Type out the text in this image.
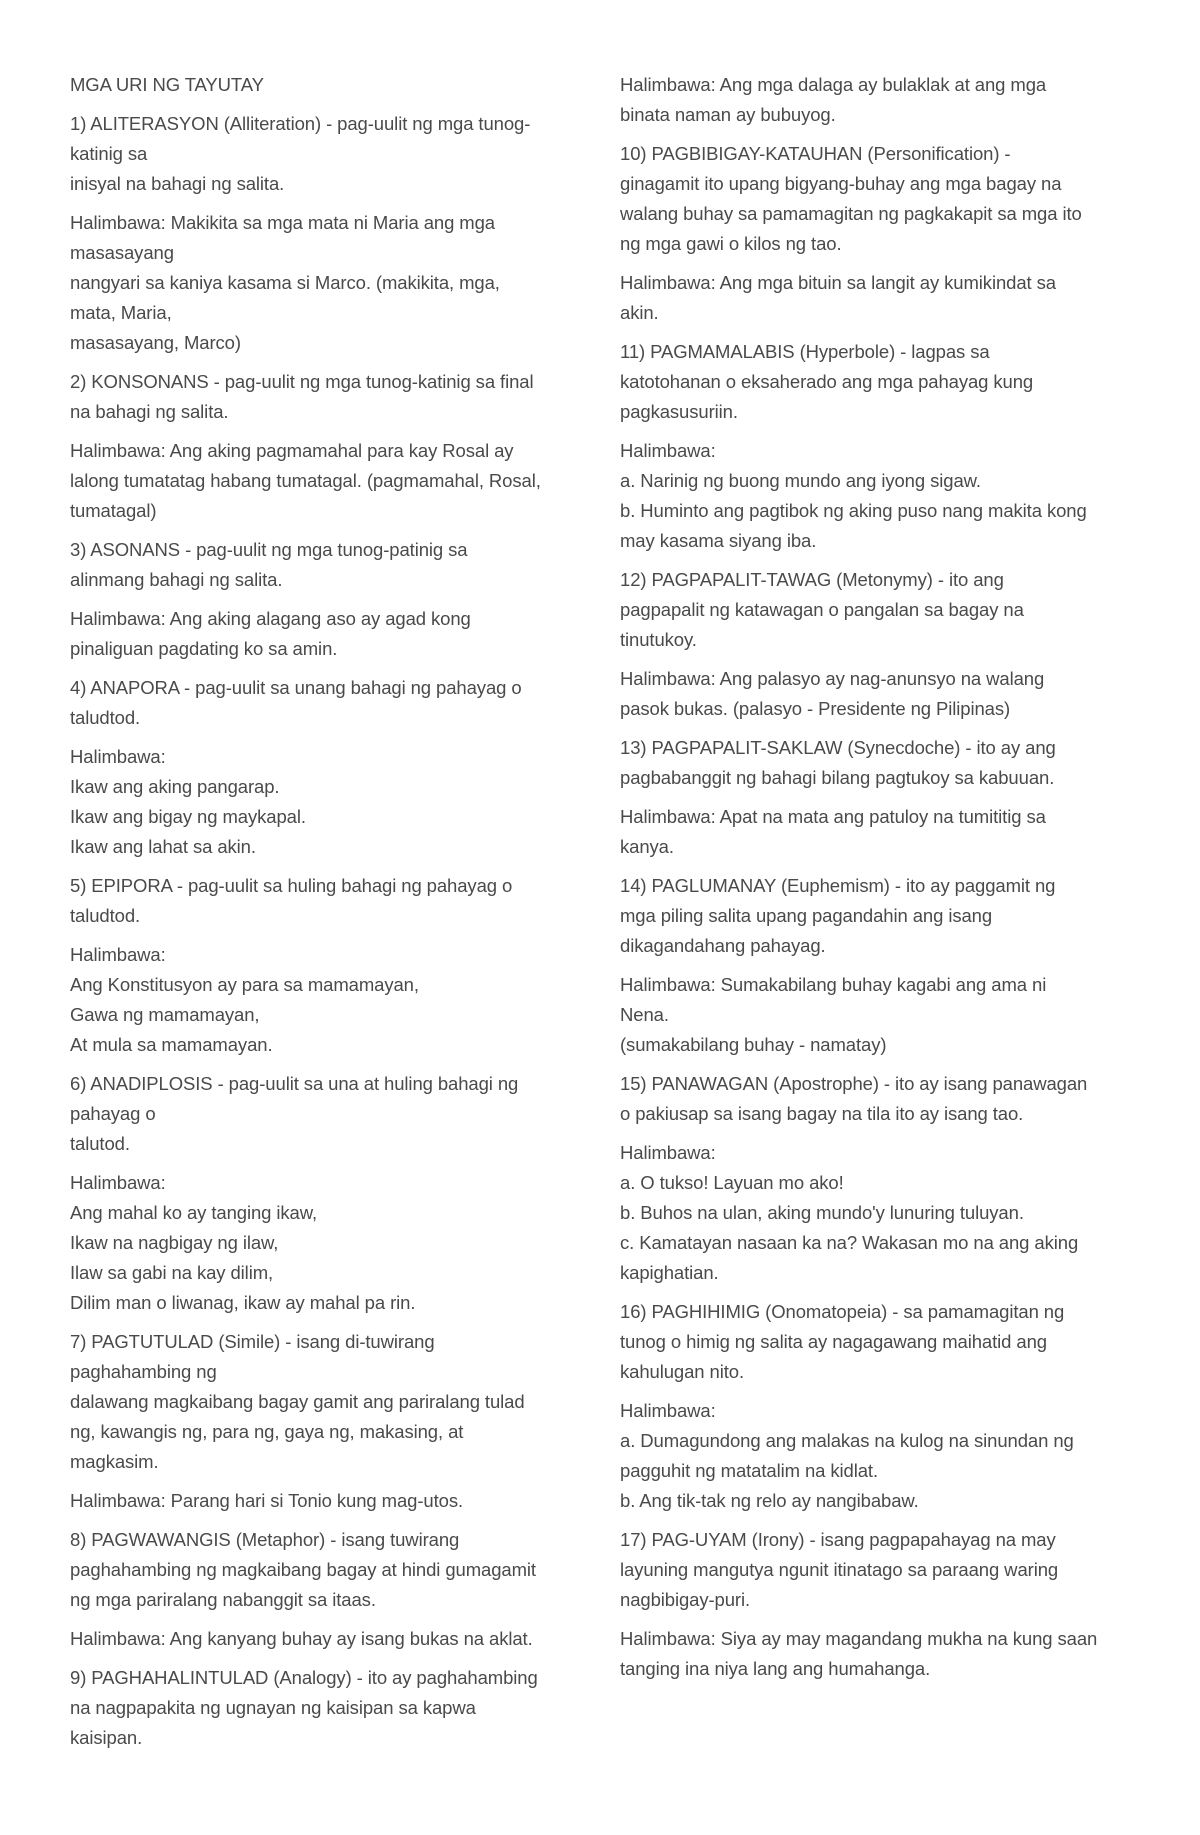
MGA URI NG TAYUTAY

1) ALITERASYON (Alliteration) - pag-uulit ng mga tunog-
katinig sa
inisyal na bahagi ng salita.

Halimbawa: Makikita sa mga mata ni Maria ang mga
masasayang
nangyari sa kaniya kasama si Marco. (makikita, mga,
mata, Maria,
masasayang, Marco)

2) KONSONANS - pag-uulit ng mga tunog-katinig sa final
na bahagi ng salita.

Halimbawa: Ang aking pagmamahal para kay Rosal ay
lalong tumatatag habang tumatagal. (pagmamahal, Rosal,
tumatagal)

3) ASONANS - pag-uulit ng mga tunog-patinig sa
alinmang bahagi ng salita.

Halimbawa: Ang aking alagang aso ay agad kong
pinaliguan pagdating ko sa amin.

4) ANAPORA - pag-uulit sa unang bahagi ng pahayag o
taludtod.

Halimbawa:
Ikaw ang aking pangarap.
Ikaw ang bigay ng maykapal.
Ikaw ang lahat sa akin.

5) EPIPORA - pag-uulit sa huling bahagi ng pahayag o
taludtod.

Halimbawa:
Ang Konstitusyon ay para sa mamamayan,
Gawa ng mamamayan,
At mula sa mamamayan.

6) ANADIPLOSIS - pag-uulit sa una at huling bahagi ng
pahayag o
talutod.

Halimbawa:
Ang mahal ko ay tanging ikaw,
Ikaw na nagbigay ng ilaw,
Ilaw sa gabi na kay dilim,
Dilim man o liwanag, ikaw ay mahal pa rin.

7) PAGTUTULAD (Simile) - isang di-tuwirang
paghahambing ng
dalawang magkaibang bagay gamit ang pariralang tulad
ng, kawangis ng, para ng, gaya ng, makasing, at
magkasim.

Halimbawa: Parang hari si Tonio kung mag-utos.

8) PAGWAWANGIS (Metaphor) - isang tuwirang
paghahambing ng magkaibang bagay at hindi gumagamit
ng mga pariralang nabanggit sa itaas.

Halimbawa: Ang kanyang buhay ay isang bukas na aklat.

9) PAGHAHALINTULAD (Analogy) - ito ay paghahambing
na nagpapakita ng ugnayan ng kaisipan sa kapwa
kaisipan.

Halimbawa: Ang mga dalaga ay bulaklak at ang mga
binata naman ay bubuyog.

10) PAGBIBIGAY-KATAUHAN (Personification) -
ginagamit ito upang bigyang-buhay ang mga bagay na
walang buhay sa pamamagitan ng pagkakapit sa mga ito
ng mga gawi o kilos ng tao.

Halimbawa: Ang mga bituin sa langit ay kumikindat sa
akin.

11) PAGMAMALABIS (Hyperbole) - lagpas sa
katotohanan o eksaherado ang mga pahayag kung
pagkasusuriin.

Halimbawa:
a. Narinig ng buong mundo ang iyong sigaw.
b. Huminto ang pagtibok ng aking puso nang makita kong
may kasama siyang iba.

12) PAGPAPALIT-TAWAG (Metonymy) - ito ang
pagpapalit ng katawagan o pangalan sa bagay na
tinutukoy.

Halimbawa: Ang palasyo ay nag-anunsyo na walang
pasok bukas. (palasyo - Presidente ng Pilipinas)

13) PAGPAPALIT-SAKLAW (Synecdoche) - ito ay ang
pagbabanggit ng bahagi bilang pagtukoy sa kabuuan.

Halimbawa: Apat na mata ang patuloy na tumititig sa
kanya.

14) PAGLUMANAY (Euphemism) - ito ay paggamit ng
mga piling salita upang pagandahin ang isang
dikagandahang pahayag.

Halimbawa: Sumakabilang buhay kagabi ang ama ni
Nena.
(sumakabilang buhay - namatay)

15) PANAWAGAN (Apostrophe) - ito ay isang panawagan
o pakiusap sa isang bagay na tila ito ay isang tao.

Halimbawa:
a. O tukso! Layuan mo ako!
b. Buhos na ulan, aking mundo'y lunuring tuluyan.
c. Kamatayan nasaan ka na? Wakasan mo na ang aking
kapighatian.

16) PAGHIHIMIG (Onomatopeia) - sa pamamagitan ng
tunog o himig ng salita ay nagagawang maihatid ang
kahulugan nito.

Halimbawa:
a. Dumagundong ang malakas na kulog na sinundan ng
pagguhit ng matatalim na kidlat.
b. Ang tik-tak ng relo ay nangibabaw.

17) PAG-UYAM (Irony) - isang pagpapahayag na may
layuning mangutya ngunit itinatago sa paraang waring
nagbibigay-puri.

Halimbawa: Siya ay may magandang mukha na kung saan
tanging ina niya lang ang humahanga.
